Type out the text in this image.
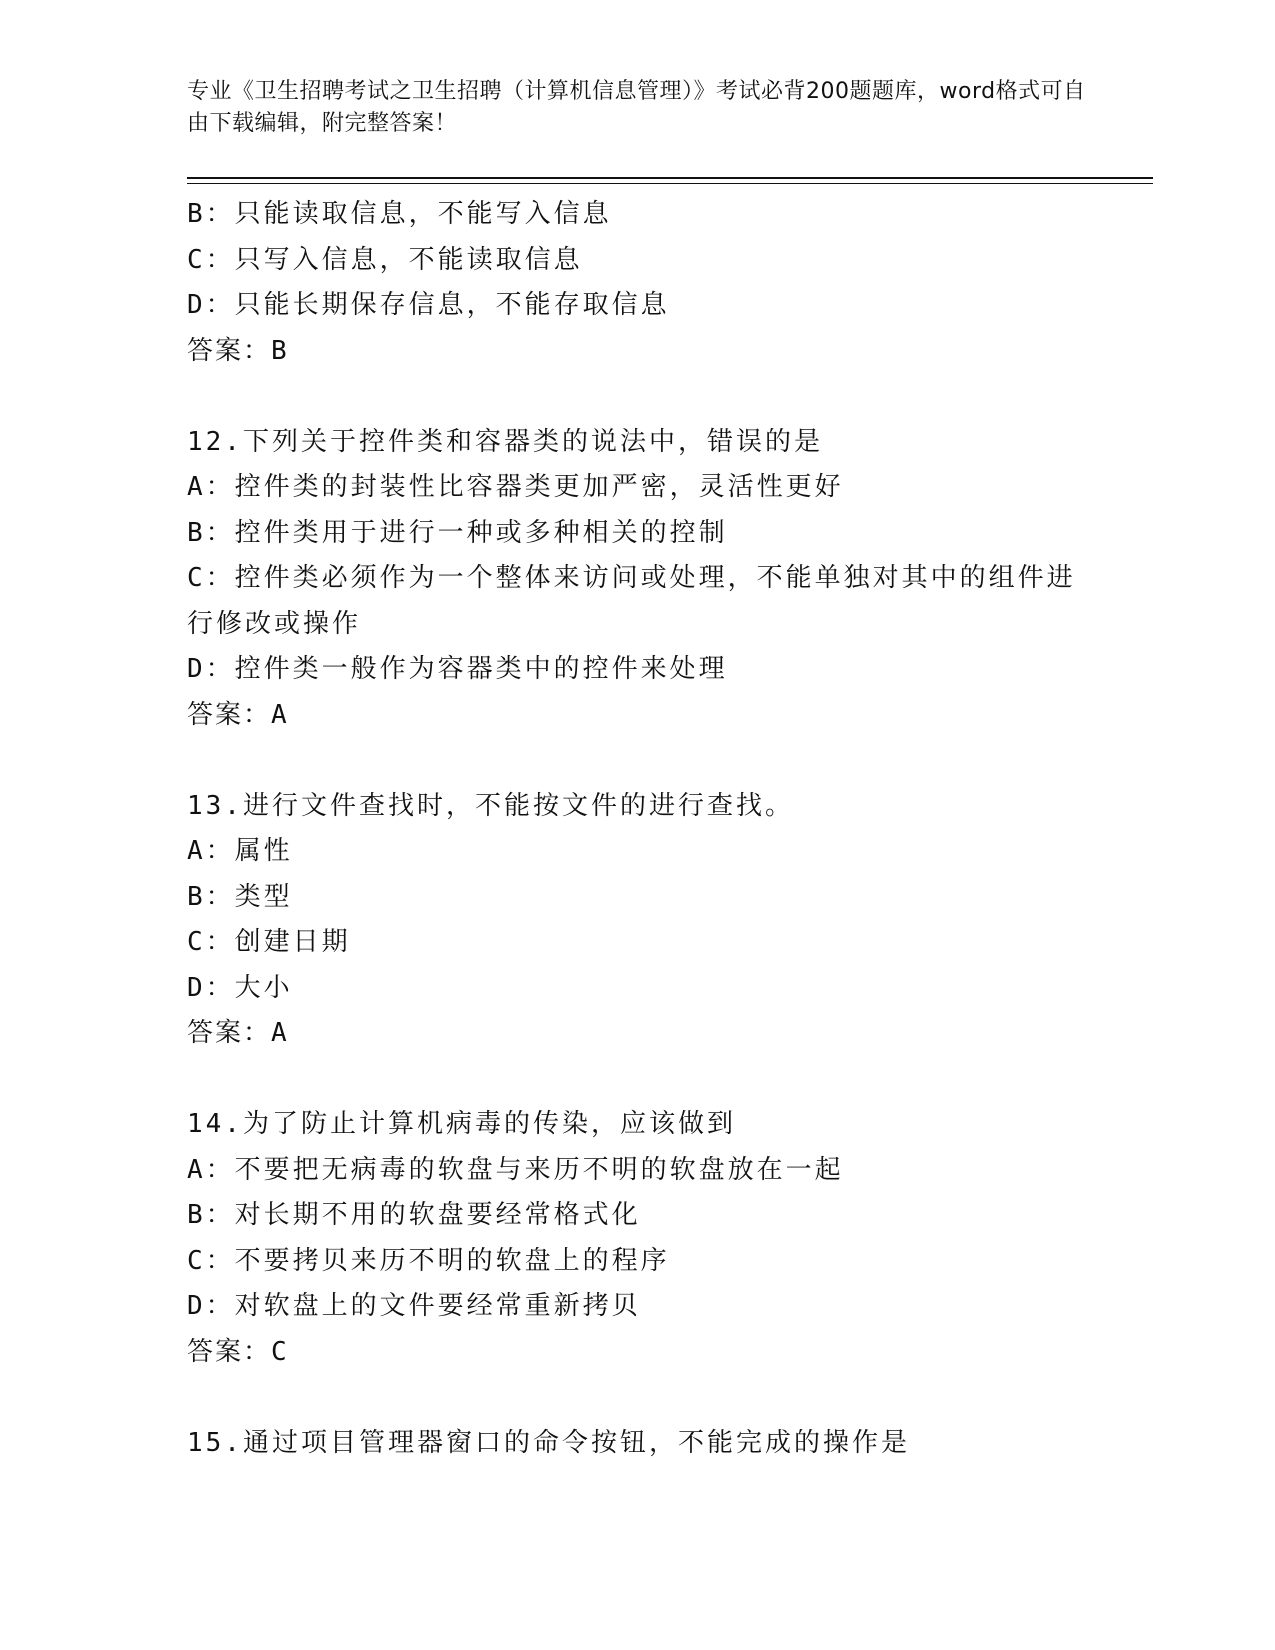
专业《卫生招聘考试之卫生招聘（计算机信息管理）》考试必背200题题库，word格式可自由下载编辑，附完整答案！
B：只能读取信息，不能写入信息
C：只写入信息，不能读取信息
D：只能长期保存信息，不能存取信息
答案：B
12.下列关于控件类和容器类的说法中，错误的是
A：控件类的封装性比容器类更加严密，灵活性更好
B：控件类用于进行一种或多种相关的控制
C：控件类必须作为一个整体来访问或处理，不能单独对其中的组件进行修改或操作
D：控件类一般作为容器类中的控件来处理
答案：A
13.进行文件查找时，不能按文件的进行查找。
A：属性
B：类型
C：创建日期
D：大小
答案：A
14.为了防止计算机病毒的传染，应该做到
A：不要把无病毒的软盘与来历不明的软盘放在一起
B：对长期不用的软盘要经常格式化
C：不要拷贝来历不明的软盘上的程序
D：对软盘上的文件要经常重新拷贝
答案：C
15.通过项目管理器窗口的命令按钮，不能完成的操作是
